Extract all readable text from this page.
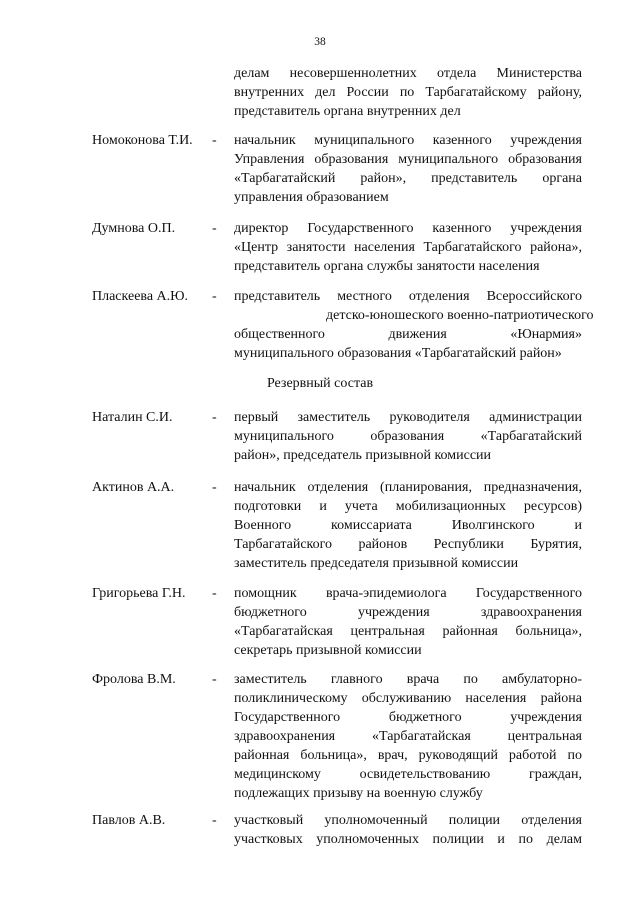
38
делам несовершеннолетних отдела Министерства
внутренних дел России по Тарбагатайскому району,
представитель органа внутренних дел
Номоконова Т.И. - начальник муниципального казенного учреждения
Управления образования муниципального образования
«Тарбагатайский район», представитель органа
управления образованием
Думнова О.П.	- директор Государственного казенного учреждения
«Центр занятости населения Тарбагатайского района»,
представитель органа службы занятости населения
Пласкеева А.Ю. - представитель местного отделения Всероссийского
детско-юношеского военно-патриотического
общественного движения «Юнармия»
муниципального образования «Тарбагатайский район»
Резервный состав
Наталин С.И.	- первый заместитель руководителя администрации
муниципального образования «Тарбагатайский
район», председатель призывной комиссии
Актинов А.А.	- начальник отделения (планирования, предназначения,
подготовки и учета мобилизационных ресурсов)
Военного комиссариата Иволгинского и
Тарбагатайского районов Республики Бурятия,
заместитель председателя призывной комиссии
Григорьева Г.Н. - помощник врача-эпидемиолога Государственного
бюджетного учреждения здравоохранения
«Тарбагатайская центральная районная больница»,
секретарь призывной комиссии
Фролова В.М.	- заместитель главного врача по амбулаторно-
поликлиническому обслуживанию населения района
Государственного бюджетного учреждения
здравоохранения «Тарбагатайская центральная
районная больница», врач, руководящий работой по
медицинскому освидетельствованию граждан,
подлежащих призыву на военную службу
Павлов А.В.	- участковый уполномоченный полиции отделения
участковых уполномоченных полиции и по делам
